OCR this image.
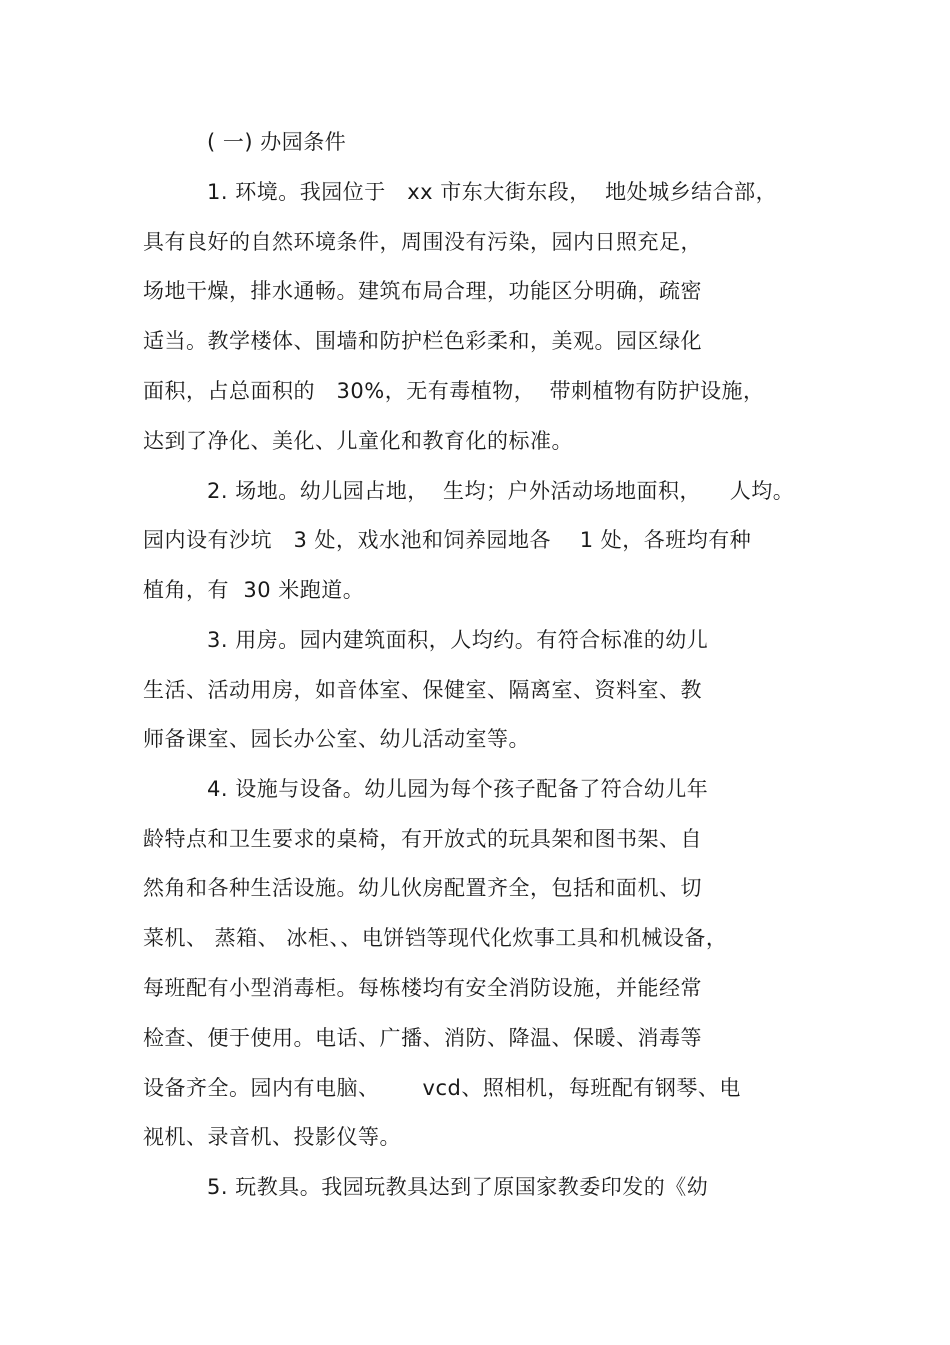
( 一) 办园条件
1. 环境。我园位于   xx 市东大街东段，  地处城乡结合部，
具有良好的自然环境条件，周围没有污染，园内日照充足，
场地干燥，排水通畅。建筑布局合理，功能区分明确，疏密
适当。教学楼体、围墙和防护栏色彩柔和，美观。园区绿化
面积，占总面积的   30%，无有毒植物，  带刺植物有防护设施，
达到了净化、美化、儿童化和教育化的标准。
2. 场地。幼儿园占地，  生均；户外活动场地面积，    人均。
园内设有沙坑   3 处，戏水池和饲养园地各    1 处，各班均有种
植角，有  30 米跑道。
3. 用房。园内建筑面积，人均约。有符合标准的幼儿
生活、活动用房，如音体室、保健室、隔离室、资料室、教
师备课室、园长办公室、幼儿活动室等。
4. 设施与设备。幼儿园为每个孩子配备了符合幼儿年
龄特点和卫生要求的桌椅，有开放式的玩具架和图书架、自
然角和各种生活设施。幼儿伙房配置齐全，包括和面机、切
菜机、 蒸箱、 冰柜、、电饼铛等现代化炊事工具和机械设备，
每班配有小型消毒柜。每栋楼均有安全消防设施，并能经常
检查、便于使用。电话、广播、消防、降温、保暖、消毒等
设备齐全。园内有电脑、      vcd、照相机，每班配有钢琴、电
视机、录音机、投影仪等。
5. 玩教具。我园玩教具达到了原国家教委印发的《幼
